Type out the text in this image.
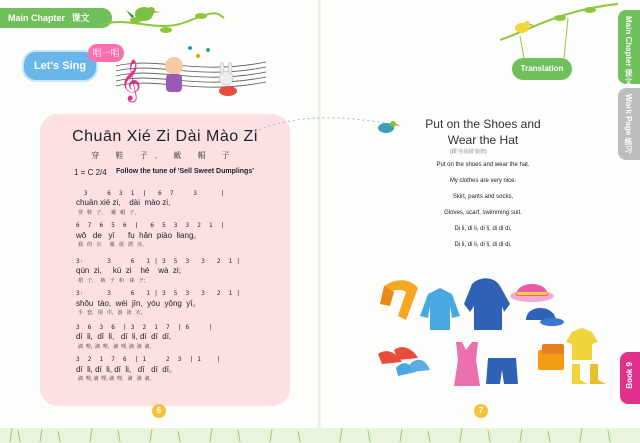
Main Chapter 课文
Let's Sing
唱一唱
𝄞
Chuān Xié Zi Dài Mào Zi
穿 鞋 子, 戴 帽 子
1 = C 2/4 Follow the tune of 'Sell Sweet Dumplings'
3     6  3  1  |   6  7     3      |
chuān xié zi,    dài  mào zi,
穿   鞋   子,      戴   帽   子,
6  7  6  5  6  |   6  5  3  3  2  1  |
wǒ   de   yī      fu  hǎn  piào  liang。
我   的   衣      服   很   漂   亮。
3·      3     6   1 | 3  5  3   3   2  1 |
qún  zi,     kù  zi    hé    wà  zi;
裙   子,     裤   子   和    袜   子;
3·      3     6   1 | 3  5  3   3   2  1 |
shǒu  tào,  wéi  jīn,  yóu  yǒng  yī。
手   套,   围   巾,   游   泳   衣。
3  6  3  6  | 3  2  1  7  | 6     |
dī  li,  dī  li,   dī  li, dī  dī  dī,
滴  哩,  滴  哩,   滴  哩, 滴  滴  滴,
3  2  1  7  6  | 1     2  3  | 1    |
dī  li, dī  li, dī  li,   dī   dī  dī。
滴  哩, 滴  哩, 滴  哩,   滴   滴  滴。
6
Translation	Main Chapter 课文
Work Page 练习
Book 9
Put on the Shoes and
Wear the Hat
(跟“卖汤圆”旋律)
Put on the shoes and wear the hat.
My clothes are very nice.
Skirt, pants and socks,
Gloves, scarf, swimming suit.
Di li, di li, di li, di di di,
Di li, di li, di li, di di di.
7
